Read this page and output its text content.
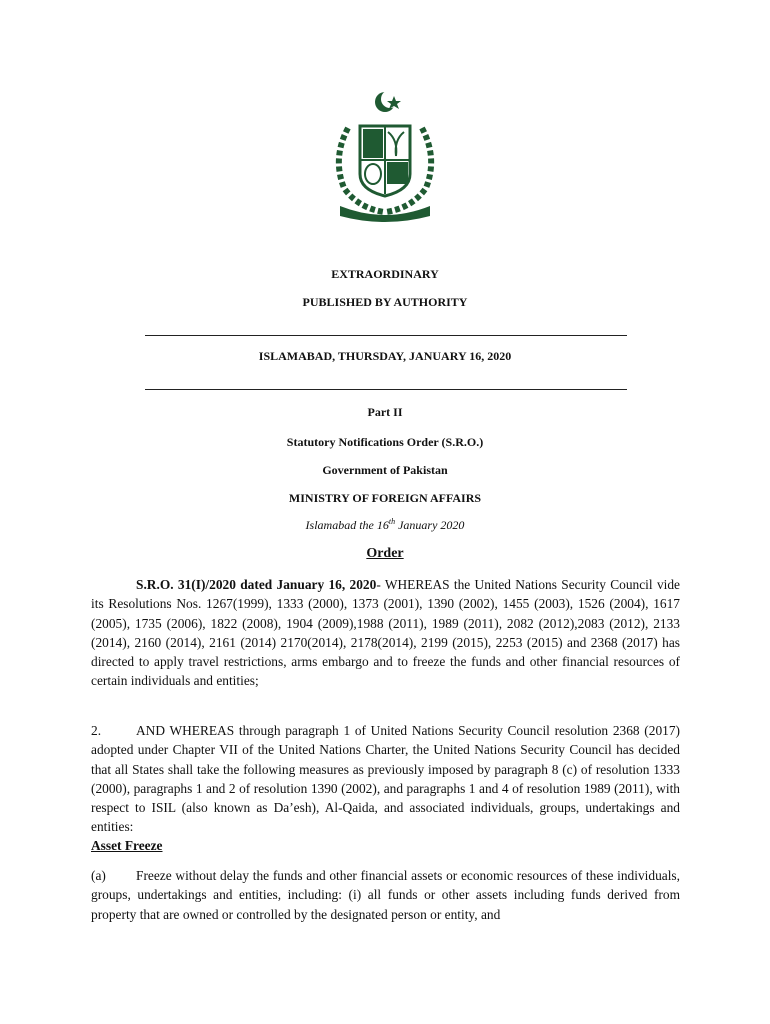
EXTRAORDINARY
PUBLISHED BY AUTHORITY
ISLAMABAD, THURSDAY, JANUARY 16, 2020
Part II
Statutory Notifications Order (S.R.O.)
Government of Pakistan
MINISTRY OF FOREIGN AFFAIRS
Islamabad the 16th January 2020
Order
S.R.O. 31(I)/2020 dated January 16, 2020- WHEREAS the United Nations Security Council vide its Resolutions Nos. 1267(1999), 1333 (2000), 1373 (2001), 1390 (2002), 1455 (2003), 1526 (2004), 1617 (2005), 1735 (2006), 1822 (2008), 1904 (2009),1988 (2011), 1989 (2011), 2082 (2012),2083 (2012), 2133 (2014), 2160 (2014), 2161 (2014) 2170(2014), 2178(2014), 2199 (2015), 2253 (2015) and 2368 (2017) has directed to apply travel restrictions, arms embargo and to freeze the funds and other financial resources of certain individuals and entities;
2.	AND WHEREAS through paragraph 1 of United Nations Security Council resolution 2368 (2017) adopted under Chapter VII of the United Nations Charter, the United Nations Security Council has decided that all States shall take the following measures as previously imposed by paragraph 8 (c) of resolution 1333 (2000), paragraphs 1 and 2 of resolution 1390 (2002), and paragraphs 1 and 4 of resolution 1989 (2011), with respect to ISIL (also known as Da’esh), Al-Qaida, and associated individuals, groups, undertakings and entities:
Asset Freeze
(a) Freeze without delay the funds and other financial assets or economic resources of these individuals, groups, undertakings and entities, including: (i) all funds or other assets including funds derived from property that are owned or controlled by the designated person or entity, and
